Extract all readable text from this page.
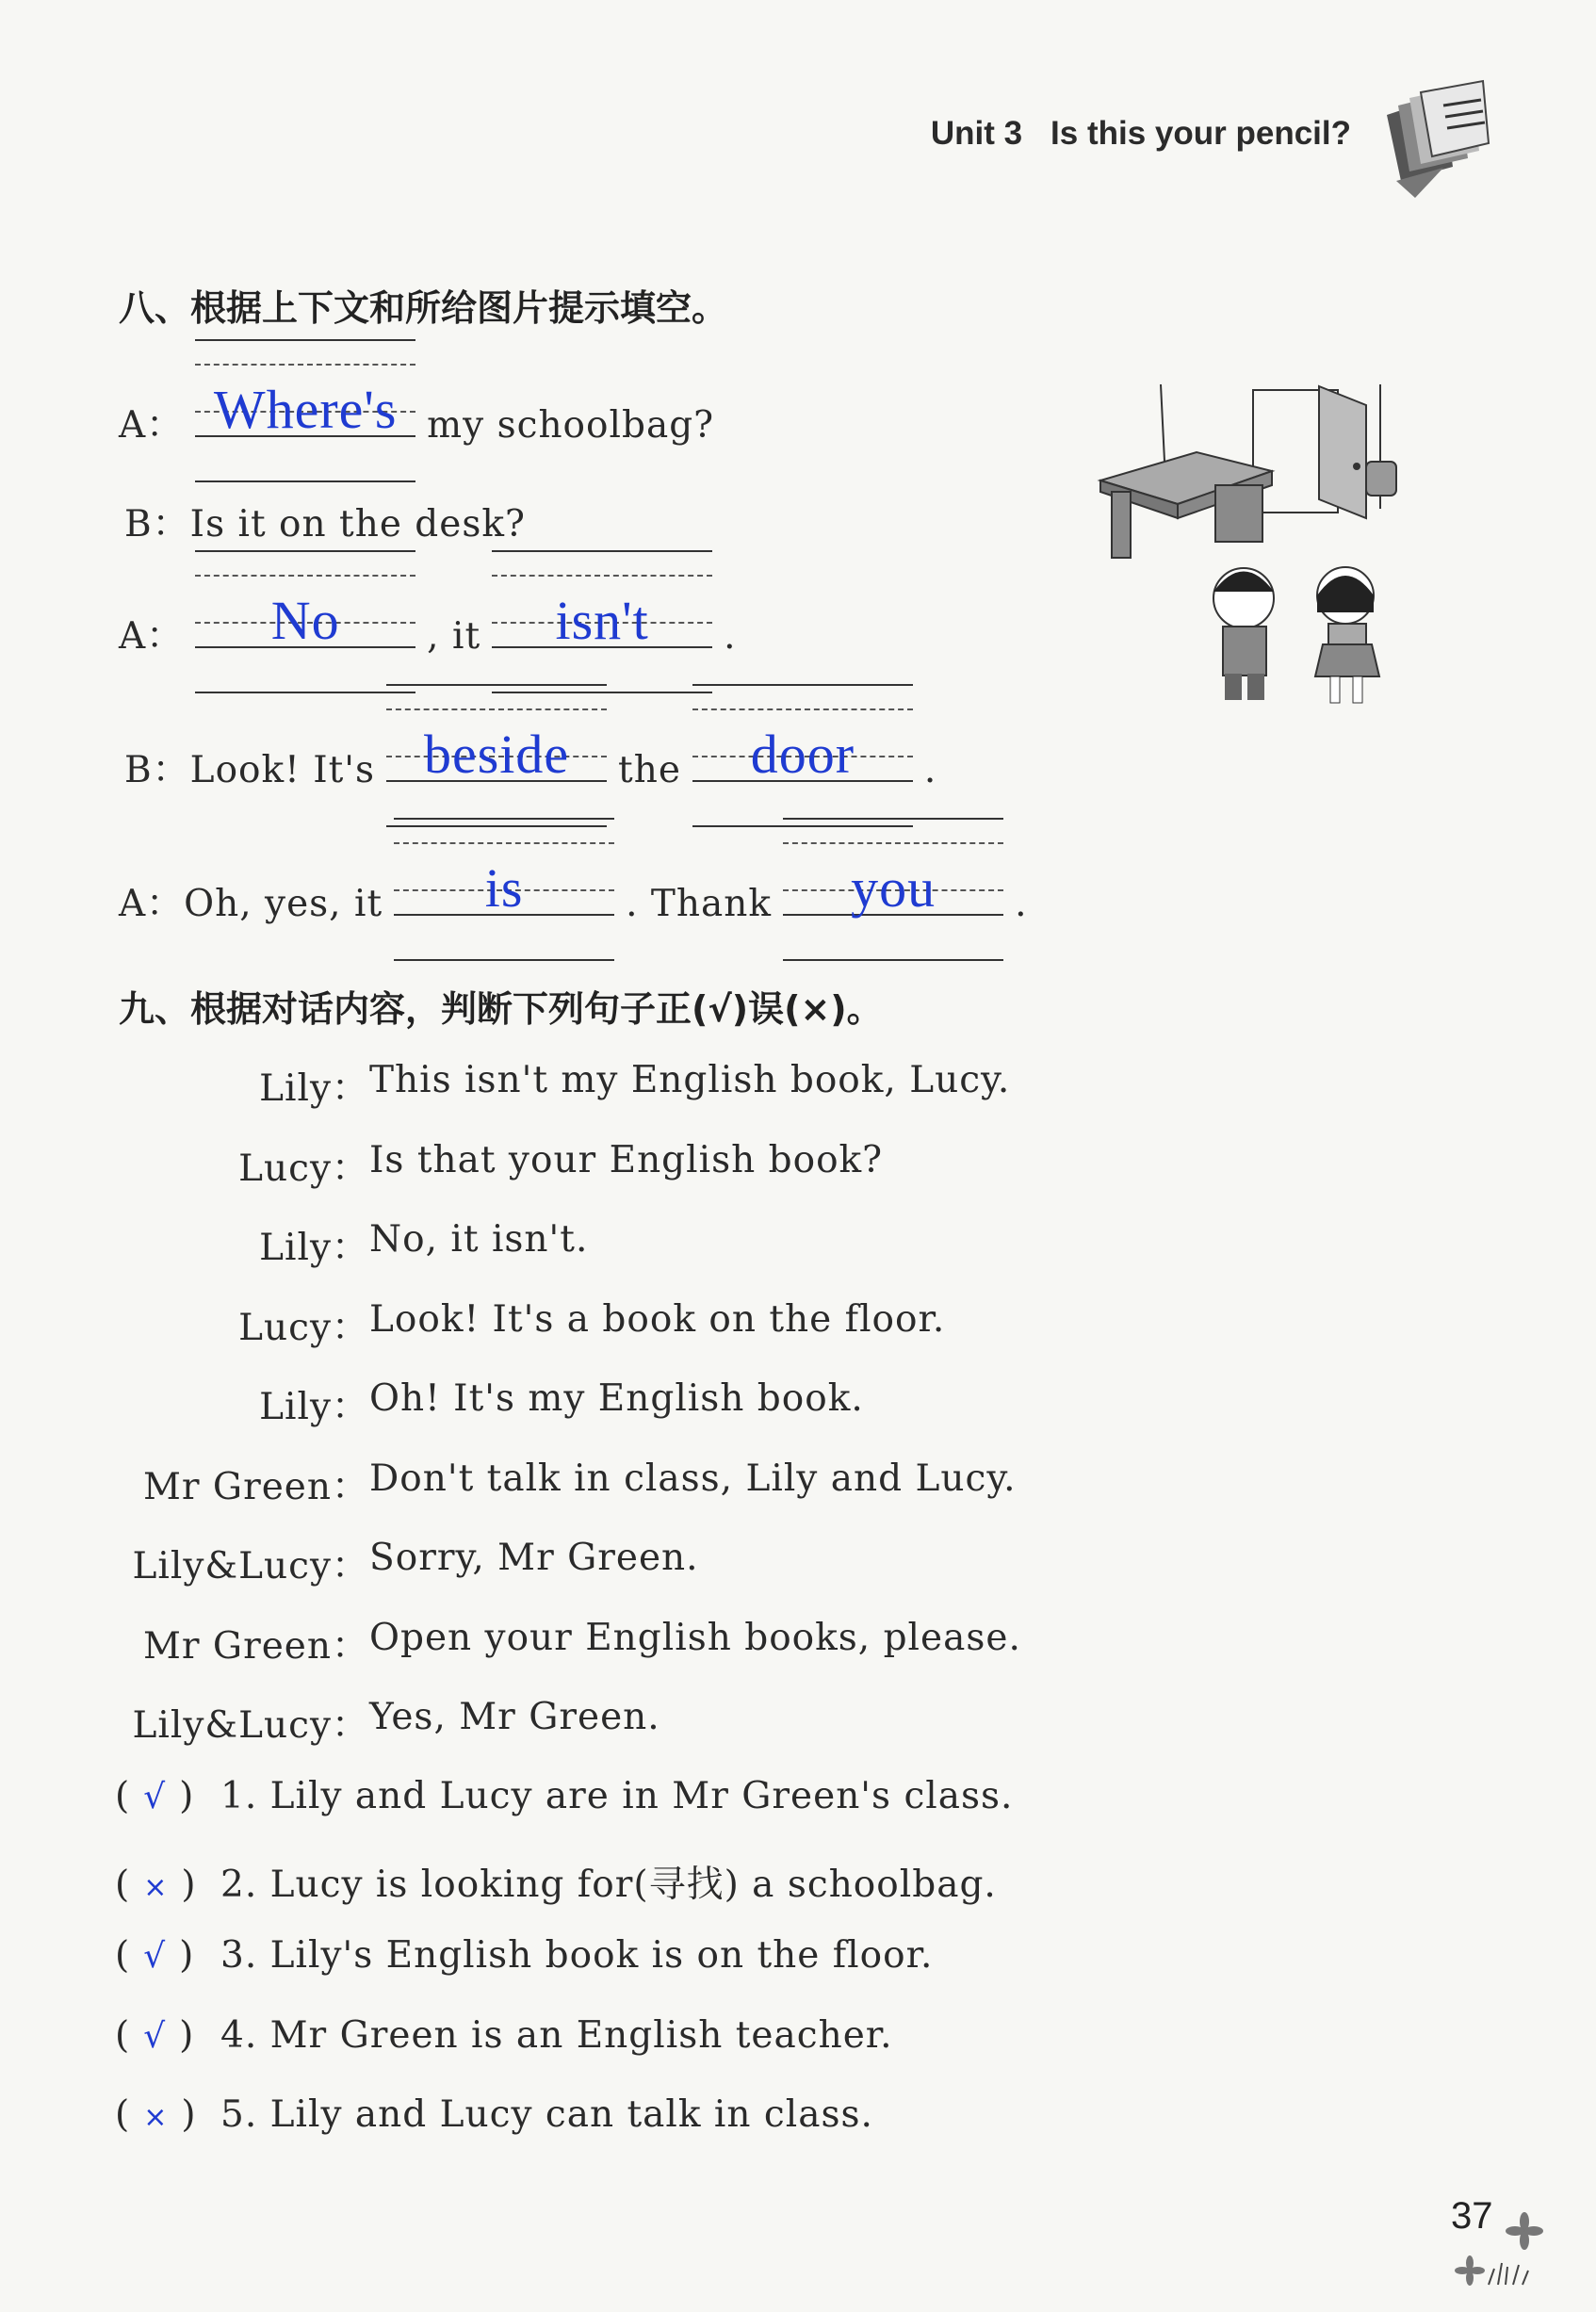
Unit 3 Is this your pencil?
八、根据上下文和所给图片提示填空。
A： Where's my schoolbag?
B： Is it on the desk?
A：	No	, it	isn't	.
B： Look! It's beside	the	door	.
A： Oh, yes, it	is	. Thank	you	.
九、根据对话内容，判断下列句子正(√)误(×)。
Lily： This isn't my English book, Lucy.
Lucy： Is that your English book?
Lily： No, it isn't.
Lucy： Look! It's a book on the floor.
Lily： Oh! It's my English book.
Mr Green： Don't talk in class, Lily and Lucy.
Lily&Lucy： Sorry, Mr Green.
Mr Green： Open your English books, please.
Lily&Lucy： Yes, Mr Green.
( √ ) 1. Lily and Lucy are in Mr Green's class.
( × ) 2. Lucy is looking for(寻找) a schoolbag.
( √ ) 3. Lily's English book is on the floor.
( √ ) 4. Mr Green is an English teacher.
( × ) 5. Lily and Lucy can talk in class.
37
